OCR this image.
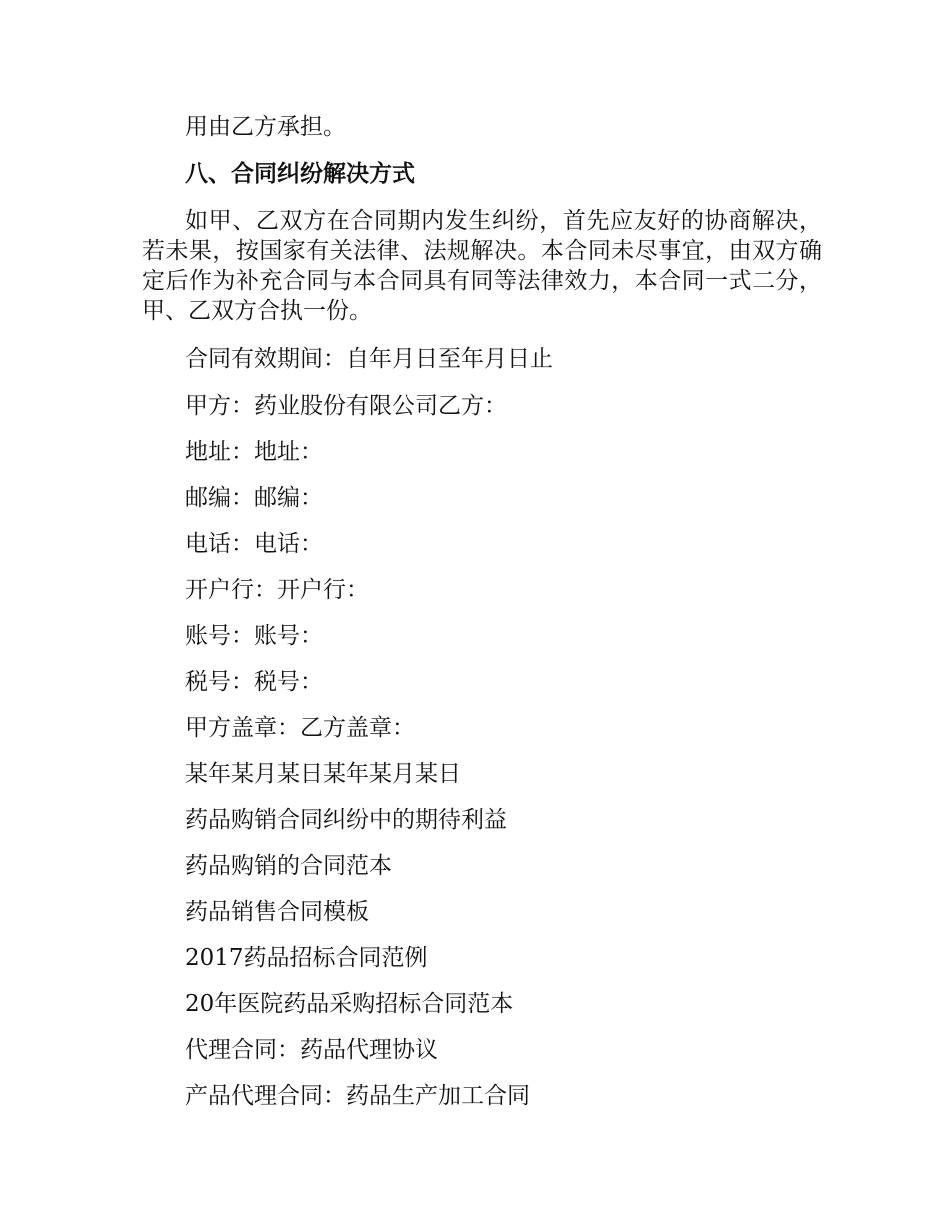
用由乙方承担。

八、合同纠纷解决方式

如甲、乙双方在合同期内发生纠纷，首先应友好的协商解决，若未果，按国家有关法律、法规解决。本合同未尽事宜，由双方确定后作为补充合同与本合同具有同等法律效力，本合同一式二分，甲、乙双方合执一份。

合同有效期间：自年月日至年月日止

甲方：药业股份有限公司乙方：

地址：地址：

邮编：邮编：

电话：电话：

开户行：开户行：

账号：账号：

税号：税号：

甲方盖章：乙方盖章：

某年某月某日某年某月某日

药品购销合同纠纷中的期待利益

药品购销的合同范本

药品销售合同模板

2017药品招标合同范例

20年医院药品采购招标合同范本

代理合同：药品代理协议

产品代理合同：药品生产加工合同
